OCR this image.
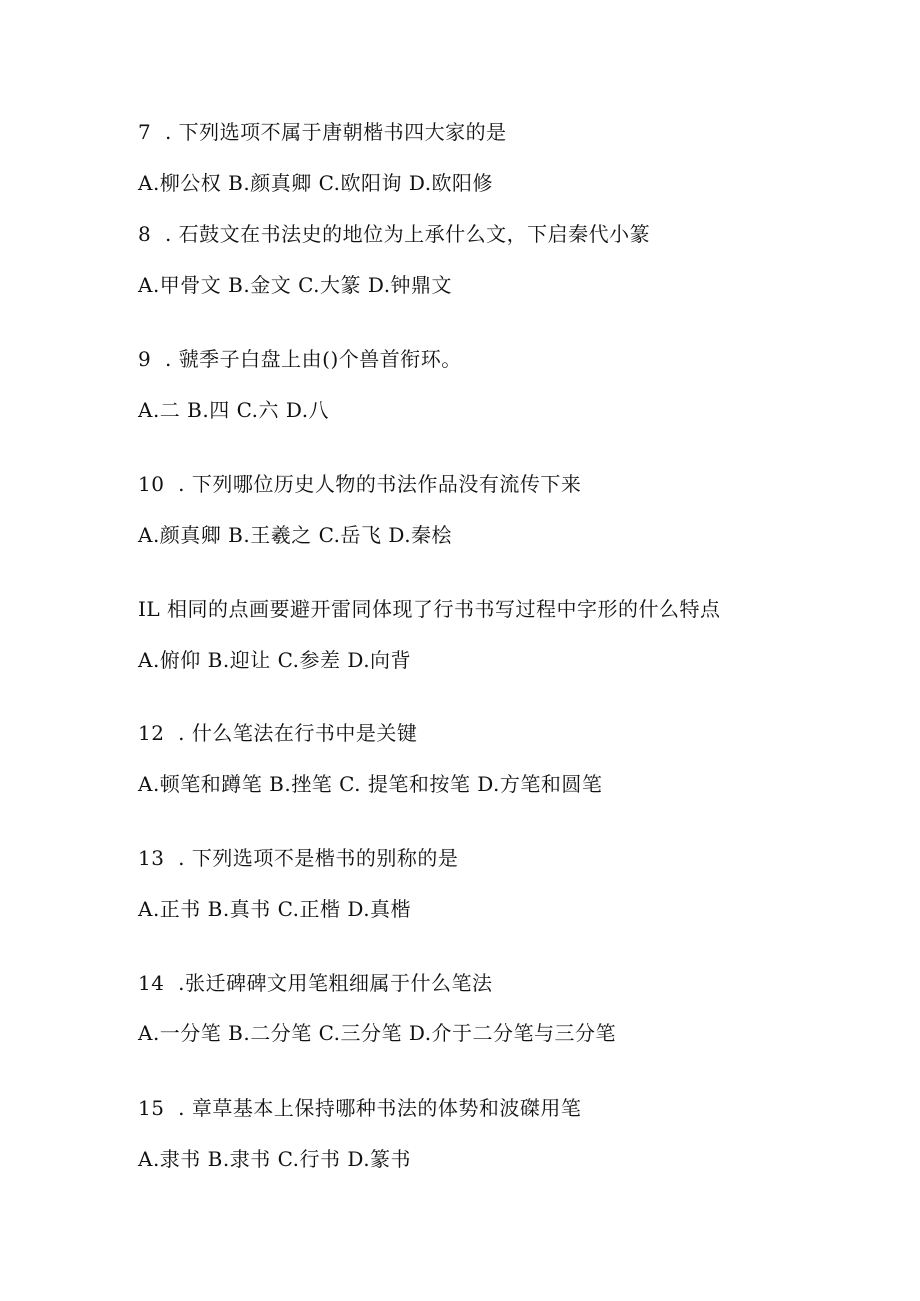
7  . 下列选项不属于唐朝楷书四大家的是
A.柳公权 B.颜真卿 C.欧阳询 D.欧阳修
8  . 石鼓文在书法史的地位为上承什么文，下启秦代小篆
A.甲骨文 B.金文 C.大篆 D.钟鼎文
9  . 虢季子白盘上由()个兽首衔环。
A.二 B.四 C.六 D.八
10  . 下列哪位历史人物的书法作品没有流传下来
A.颜真卿 B.王羲之 C.岳飞 D.秦桧
IL 相同的点画要避开雷同体现了行书书写过程中字形的什么特点
A.俯仰 B.迎让 C.参差 D.向背
12  . 什么笔法在行书中是关键
A.顿笔和蹲笔 B.挫笔 C. 提笔和按笔 D.方笔和圆笔
13  . 下列选项不是楷书的别称的是
A.正书 B.真书 C.正楷 D.真楷
14  .张迁碑碑文用笔粗细属于什么笔法
A.一分笔 B.二分笔 C.三分笔 D.介于二分笔与三分笔
15  . 章草基本上保持哪种书法的体势和波磔用笔
A.隶书 B.隶书 C.行书 D.篆书
